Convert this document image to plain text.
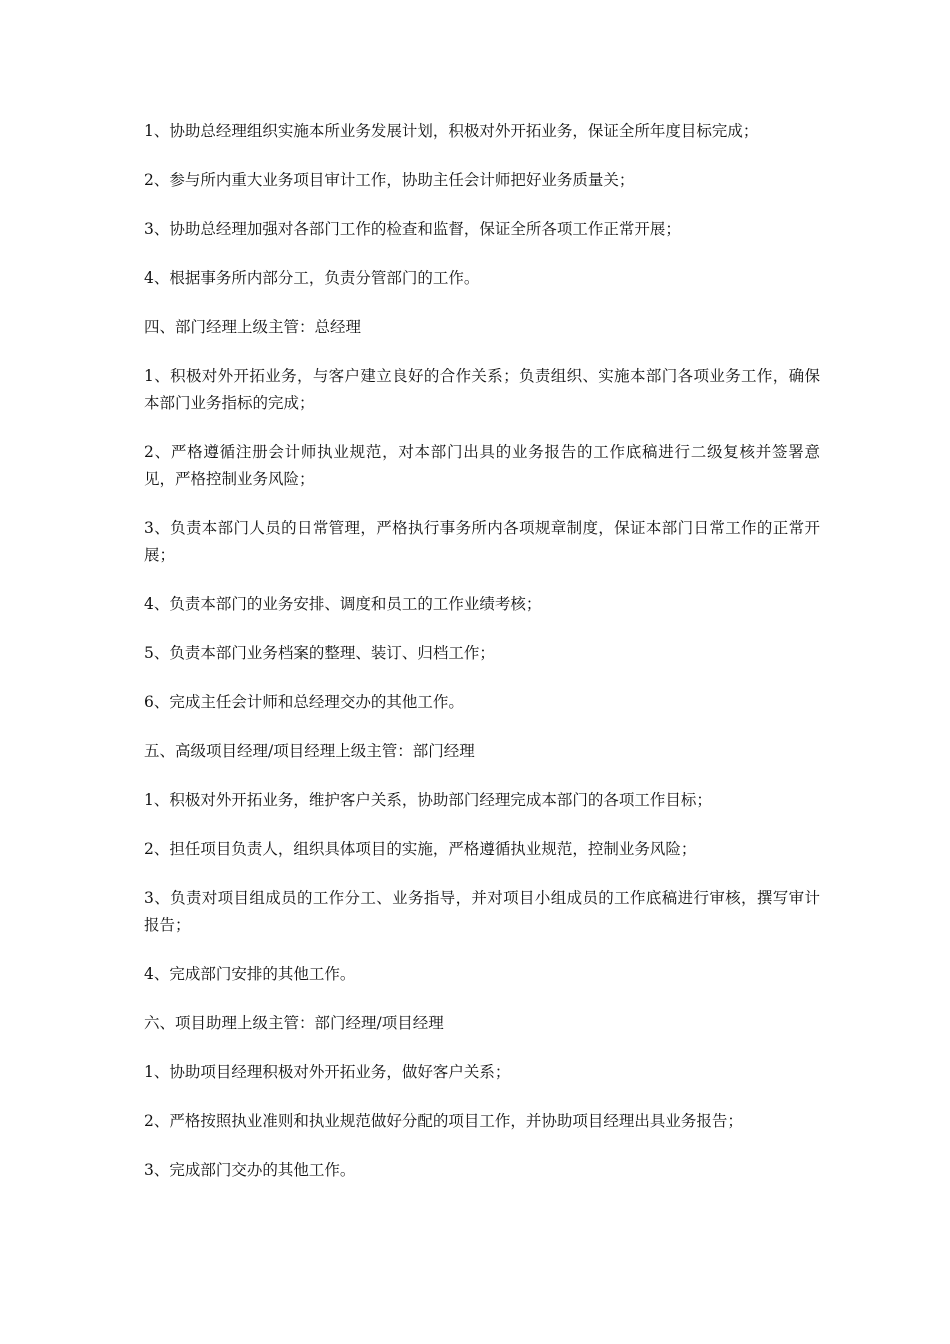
1、协助总经理组织实施本所业务发展计划，积极对外开拓业务，保证全所年度目标完成；

2、参与所内重大业务项目审计工作，协助主任会计师把好业务质量关；

3、协助总经理加强对各部门工作的检查和监督，保证全所各项工作正常开展；

4、根据事务所内部分工，负责分管部门的工作。

四、部门经理上级主管：总经理

1、积极对外开拓业务，与客户建立良好的合作关系；负责组织、实施本部门各项业务工作，确保本部门业务指标的完成；

2、严格遵循注册会计师执业规范，对本部门出具的业务报告的工作底稿进行二级复核并签署意见，严格控制业务风险；

3、负责本部门人员的日常管理，严格执行事务所内各项规章制度，保证本部门日常工作的正常开展；

4、负责本部门的业务安排、调度和员工的工作业绩考核；

5、负责本部门业务档案的整理、装订、归档工作；

6、完成主任会计师和总经理交办的其他工作。

五、高级项目经理/项目经理上级主管：部门经理

1、积极对外开拓业务，维护客户关系，协助部门经理完成本部门的各项工作目标；

2、担任项目负责人，组织具体项目的实施，严格遵循执业规范，控制业务风险；

3、负责对项目组成员的工作分工、业务指导，并对项目小组成员的工作底稿进行审核，撰写审计报告；

4、完成部门安排的其他工作。

六、项目助理上级主管：部门经理/项目经理

1、协助项目经理积极对外开拓业务，做好客户关系；

2、严格按照执业准则和执业规范做好分配的项目工作，并协助项目经理出具业务报告；

3、完成部门交办的其他工作。
